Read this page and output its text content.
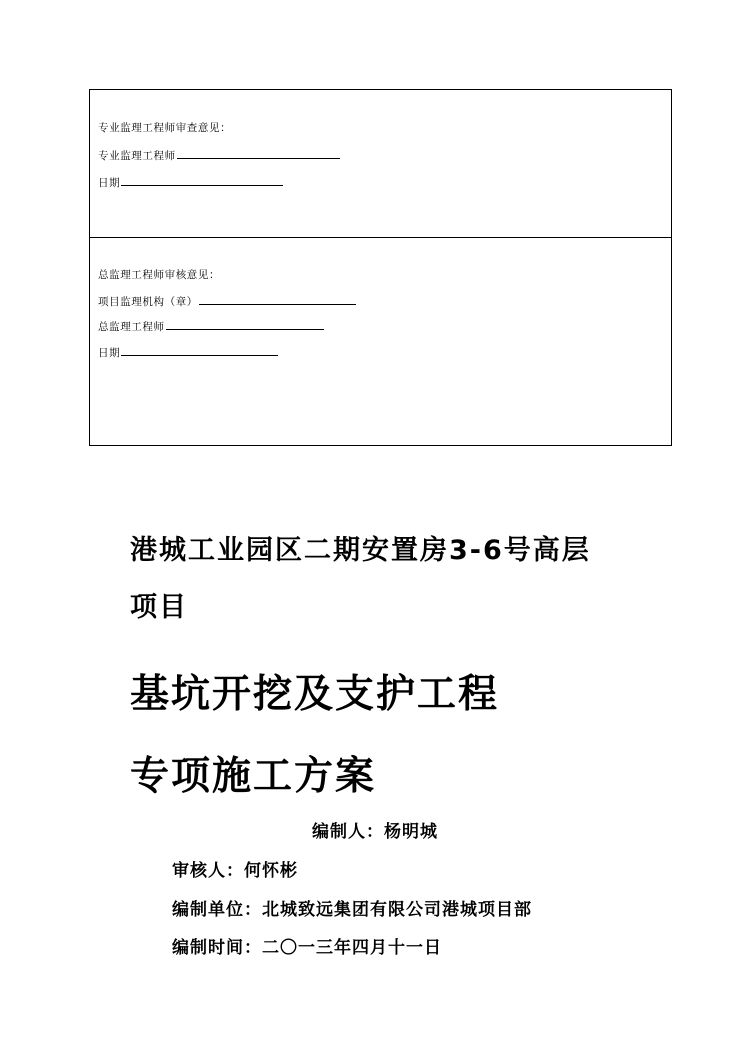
专业监理工程师审查意见：
专业监理工程师
日期
总监理工程师审核意见：
项目监理机构（章）
总监理工程师
日期
港城工业园区二期安置房3-6号高层
项目
基坑开挖及支护工程
专项施工方案
编制人：杨明城
审核人：何怀彬
编制单位：北城致远集团有限公司港城项目部
编制时间：二〇一三年四月十一日
